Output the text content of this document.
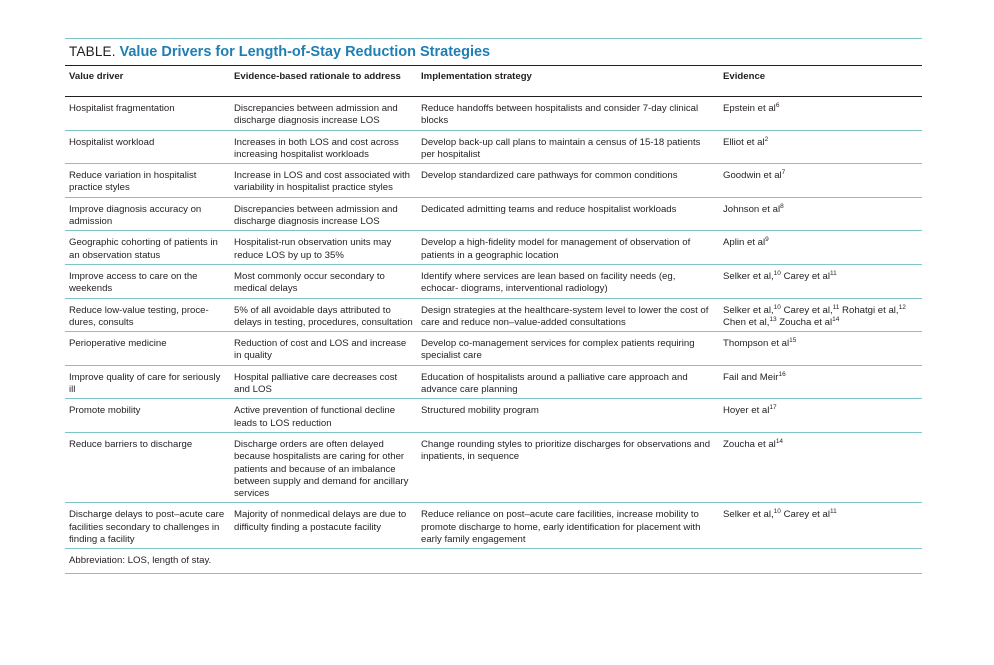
TABLE. Value Drivers for Length-of-Stay Reduction Strategies
Value driver	Evidence-based rationale to address	Implementation strategy	Evidence
Hospitalist fragmentation	Discrepancies between admission and discharge diagnosis increase LOS	Reduce handoffs between hospitalists and consider 7-day clinical blocks	Epstein et $al^6$
Hospitalist workload	Increases in both LOS and cost across increasing hospitalist workloads	Develop back-up call plans to maintain a census of 15-18 patients per hospitalist	Elliot et $al^2$
Reduce variation in hospitalist practice styles	Increase in LOS and cost associated with variability in hospitalist practice styles	Develop standardized care pathways for common conditions	Goodwin et $al^7$
Improve diagnosis accuracy on admission	Discrepancies between admission and discharge diagnosis increase LOS	Dedicated admitting teams and reduce hospitalist workloads	Johnson et $al^8$
Geographic cohorting of patients in an observation status	Hospitalist-run observation units may reduce LOS by up to 35%	Develop a high-fidelity model for management of observation of patients in a geographic location	Aplin et $al^9$
Improve access to care on the weekends	Most commonly occur secondary to medical delays	Identify where services are lean based on facility needs (eg, echocar- diograms, interventional radiology)	Selker et al,$^{10}$ Carey et $al^{11}$
Reduce low-value testing, proce- dures, consults	5% of all avoidable days attributed to delays in testing, procedures, consultation	Design strategies at the healthcare-system level to lower the cost of care and reduce non–value-added consultations	Selker et al,$^{10}$ Carey et al,$^{11}$ Rohatgi et al,$^{12}$ Chen et al,$^{13}$ Zoucha et $al^{14}$
Perioperative medicine	Reduction of cost and LOS and increase in quality	Develop co-management services for complex patients requiring specialist care	Thompson et $al^{15}$
Improve quality of care for seriously ill	Hospital palliative care decreases cost and LOS	Education of hospitalists around a palliative care approach and advance care planning	Fail and Meir$^{16}$
Promote mobility	Active prevention of functional decline leads to LOS reduction	Structured mobility program	Hoyer et $al^{17}$
Reduce barriers to discharge	Discharge orders are often delayed because hospitalists are caring for other patients and because of an imbalance between supply and demand for ancillary services	Change rounding styles to prioritize discharges for observations and inpatients, in sequence	Zoucha et $al^{14}$
Discharge delays to post–acute care facilities secondary to challenges in finding a facility	Majority of nonmedical delays are due to difficulty finding a postacute facility	Reduce reliance on post–acute care facilities, increase mobility to promote discharge to home, early identification for placement with early family engagement	Selker et al,$^{10}$ Carey et $al^{11}$
Abbreviation: LOS, length of stay.
